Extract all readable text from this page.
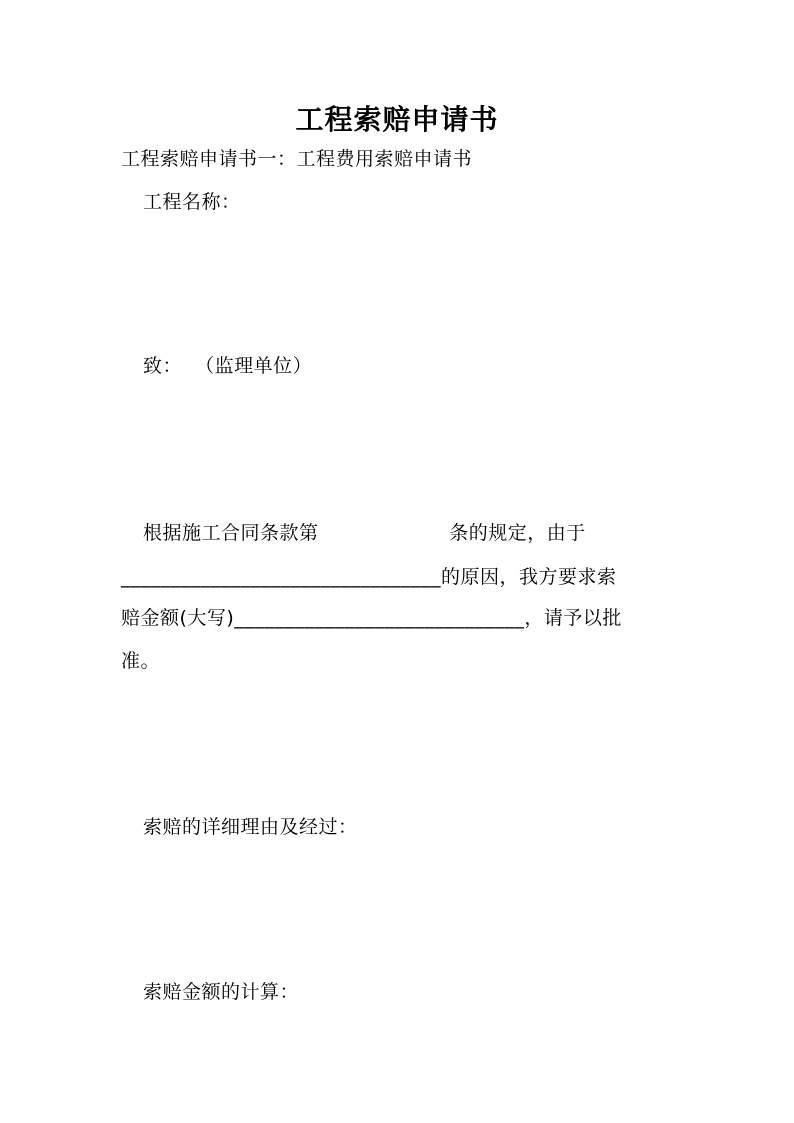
工程索赔申请书
工程索赔申请书一：工程费用索赔申请书
工程名称：
致：  （监理单位）
根据施工合同条款第                    条的规定，由于
________________________________的原因，我方要求索
赔金额(大写)_____________________________，请予以批
准。
索赔的详细理由及经过：
索赔金额的计算：
